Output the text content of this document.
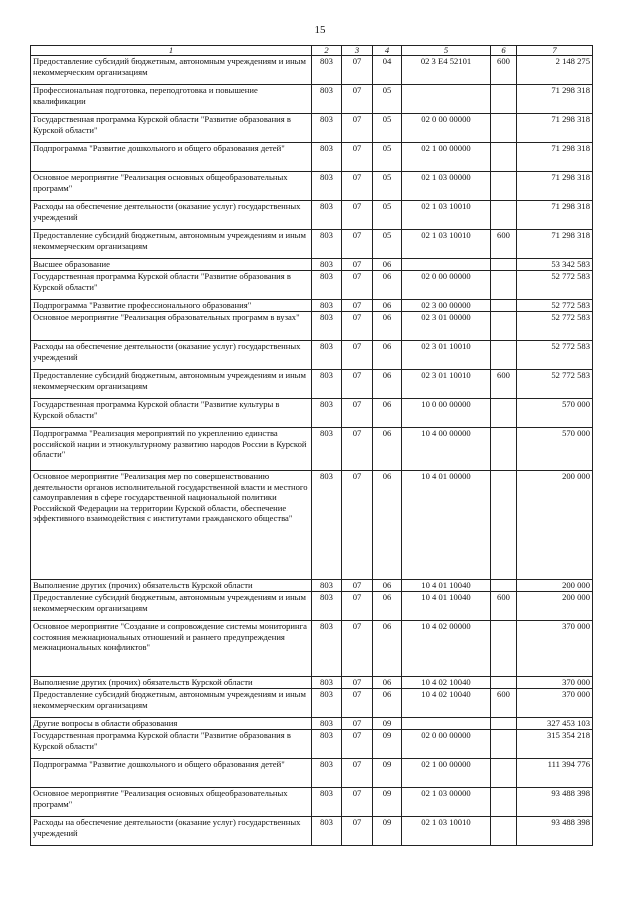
15
1	2	3	4	5	6	7
Предоставление субсидий бюджетным, автономным учреждениям и иным некоммерческим организациям	803	07	04	02 3 E4 52101	600	2 148 275
Профессиональная подготовка, переподготовка и повышение квалификации	803	07	05			71 298 318
Государственная программа Курской области "Развитие образования в Курской области"	803	07	05	02 0 00 00000		71 298 318
Подпрограмма "Развитие дошкольного и общего образования детей"	803	07	05	02 1 00 00000		71 298 318
Основное мероприятие "Реализация основных общеобразовательных программ"	803	07	05	02 1 03 00000		71 298 318
Расходы на обеспечение деятельности (оказание услуг) государственных учреждений	803	07	05	02 1 03 10010		71 298 318
Предоставление субсидий бюджетным, автономным учреждениям и иным некоммерческим организациям	803	07	05	02 1 03 10010	600	71 298 318
Высшее образование	803	07	06			53 342 583
Государственная программа Курской области "Развитие образования в Курской области"	803	07	06	02 0 00 00000		52 772 583
Подпрограмма "Развитие профессионального образования"	803	07	06	02 3 00 00000		52 772 583
Основное мероприятие "Реализация образовательных программ в вузах"	803	07	06	02 3 01 00000		52 772 583
Расходы на обеспечение деятельности (оказание услуг) государственных учреждений	803	07	06	02 3 01 10010		52 772 583
Предоставление субсидий бюджетным, автономным учреждениям и иным некоммерческим организациям	803	07	06	02 3 01 10010	600	52 772 583
Государственная программа Курской области "Развитие культуры в Курской области"	803	07	06	10 0 00 00000		570 000
Подпрограмма "Реализация мероприятий по укреплению единства российской нации и этнокультурному развитию народов России в Курской области"	803	07	06	10 4 00 00000		570 000
Основное мероприятие "Реализация мер по совершенствованию деятельности органов исполнительной государственной власти и местного самоуправления в сфере государственной национальной политики Российской Федерации на территории Курской области, обеспечение эффективного взаимодействия с институтами гражданского общества"	803	07	06	10 4 01 00000		200 000
Выполнение других (прочих) обязательств Курской области	803	07	06	10 4 01 10040		200 000
Предоставление субсидий бюджетным, автономным учреждениям и иным некоммерческим организациям	803	07	06	10 4 01 10040	600	200 000
Основное мероприятие "Создание и сопровождение системы мониторинга состояния межнациональных отношений и раннего предупреждения межнациональных конфликтов"	803	07	06	10 4 02 00000		370 000
Выполнение других (прочих) обязательств Курской области	803	07	06	10 4 02 10040		370 000
Предоставление субсидий бюджетным, автономным учреждениям и иным некоммерческим организациям	803	07	06	10 4 02 10040	600	370 000
Другие вопросы в области образования	803	07	09			327 453 103
Государственная программа Курской области "Развитие образования в Курской области"	803	07	09	02 0 00 00000		315 354 218
Подпрограмма "Развитие дошкольного и общего образования детей"	803	07	09	02 1 00 00000		111 394 776
Основное мероприятие "Реализация основных общеобразовательных программ"	803	07	09	02 1 03 00000		93 488 398
Расходы на обеспечение деятельности (оказание услуг) государственных учреждений	803	07	09	02 1 03 10010		93 488 398
